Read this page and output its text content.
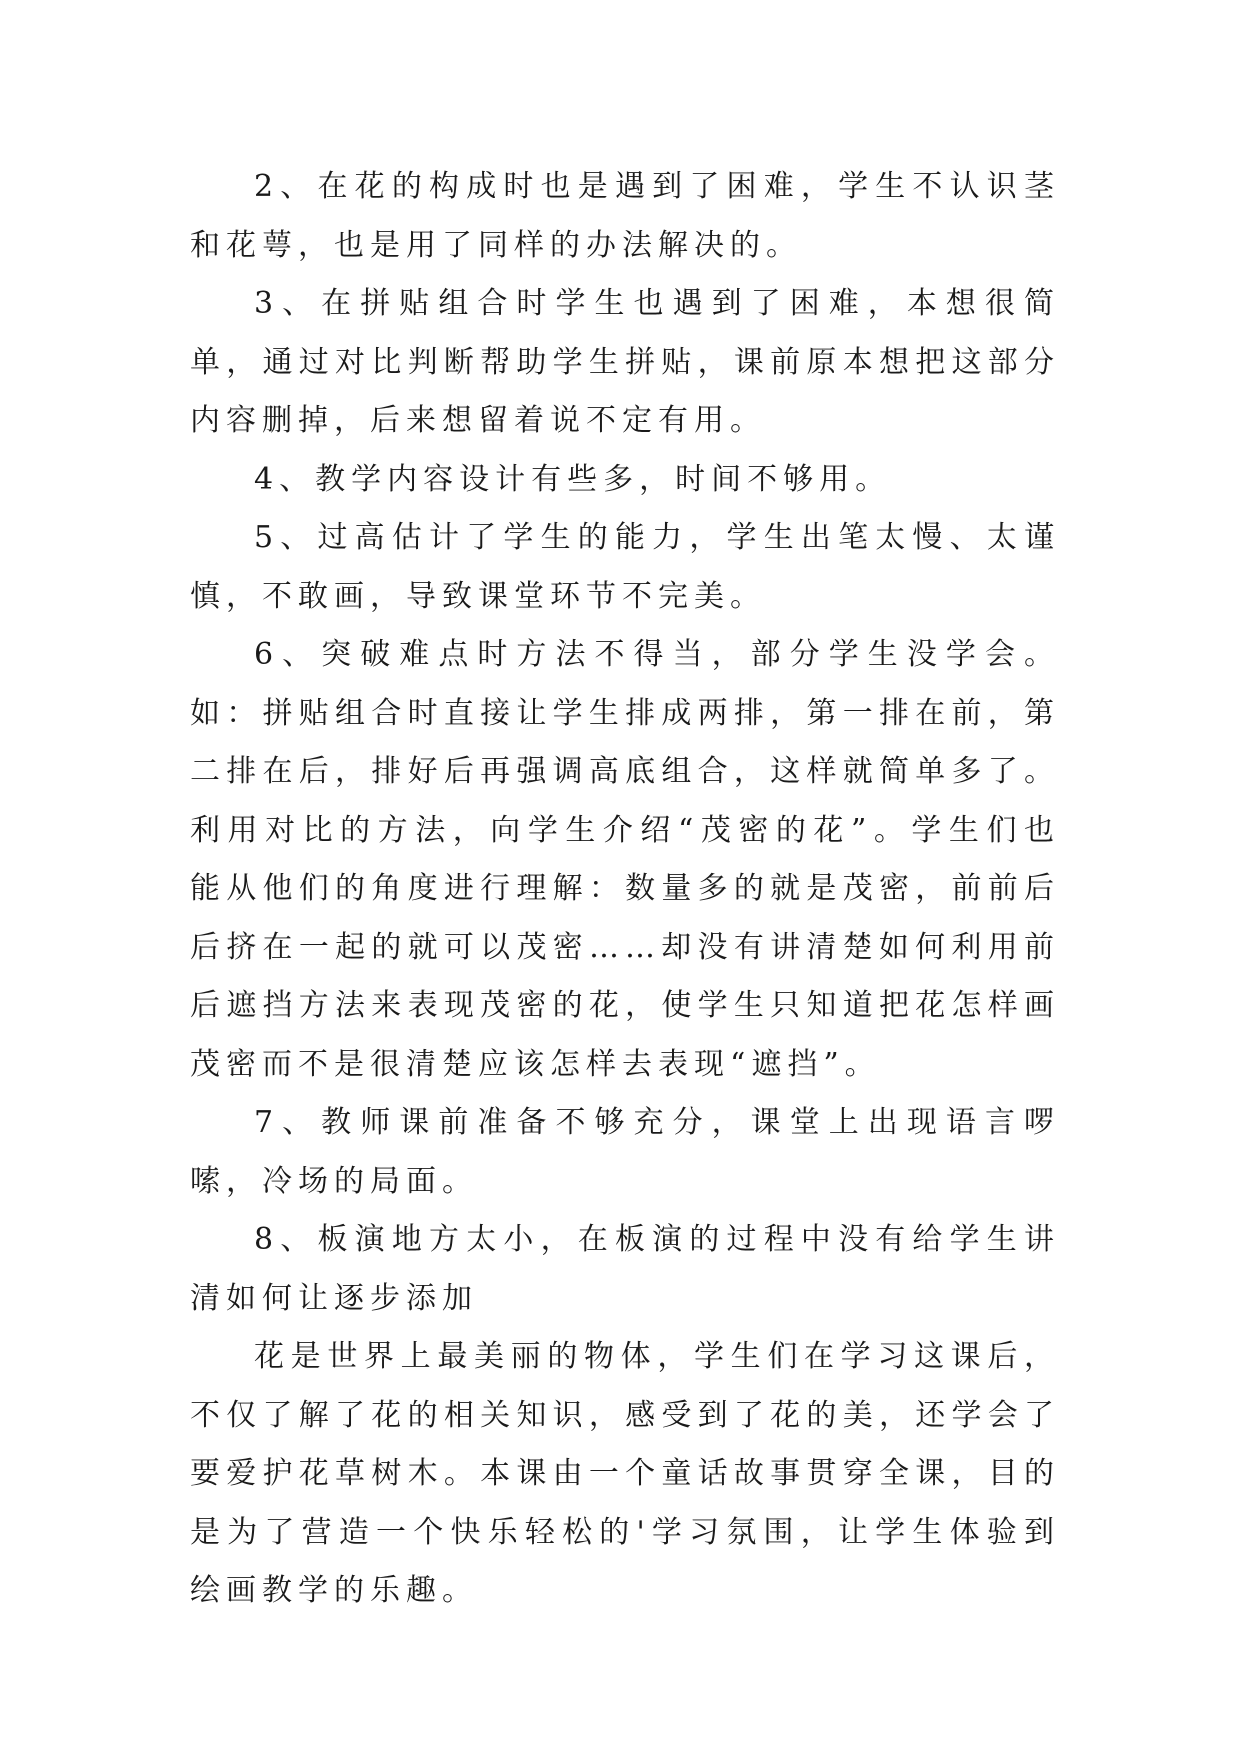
2、在花的构成时也是遇到了困难，学生不认识茎和花萼，也是用了同样的办法解决的。

3、在拼贴组合时学生也遇到了困难，本想很简单，通过对比判断帮助学生拼贴，课前原本想把这部分内容删掉，后来想留着说不定有用。

4、教学内容设计有些多，时间不够用。

5、过高估计了学生的能力，学生出笔太慢、太谨慎，不敢画，导致课堂环节不完美。

6、突破难点时方法不得当，部分学生没学会。如：拼贴组合时直接让学生排成两排，第一排在前，第二排在后，排好后再强调高底组合，这样就简单多了。利用对比的方法，向学生介绍“茂密的花”。学生们也能从他们的角度进行理解：数量多的就是茂密，前前后后挤在一起的就可以茂密……却没有讲清楚如何利用前后遮挡方法来表现茂密的花，使学生只知道把花怎样画茂密而不是很清楚应该怎样去表现“遮挡”。

7、教师课前准备不够充分，课堂上出现语言啰嗦，冷场的局面。

8、板演地方太小，在板演的过程中没有给学生讲清如何让逐步添加

花是世界上最美丽的物体，学生们在学习这课后，不仅了解了花的相关知识，感受到了花的美，还学会了要爱护花草树木。本课由一个童话故事贯穿全课，目的是为了营造一个快乐轻松的'学习氛围，让学生体验到绘画教学的乐趣。
